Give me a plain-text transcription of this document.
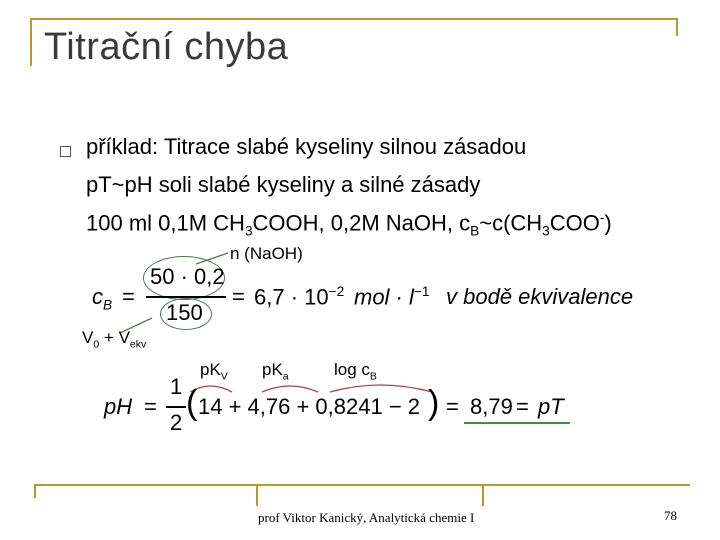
Titrační chyba
příklad: Titrace slabé kyseliny silnou zásadou
pT~pH soli slabé kyseliny a silné zásady
100 ml 0,1M $CH_3COOH$, 0,2M NaOH, $c_B\sim c(CH_3COO^-)$
n (NaOH)
$c_B$ =
50 · 0,2
150
= $6,7 \cdot 10^{-2}$ mol · $l^{-1}$ v bodě ekvivalence
$V_0 + V_{ekv}$
$pK_V$ $pK_a$	$\log c_B$
pH =
1
2
( 14 + 4,76 + 0,8241 − 2 ) = 8,79 = pT
prof Viktor Kanický, Analytická chemie I	78
